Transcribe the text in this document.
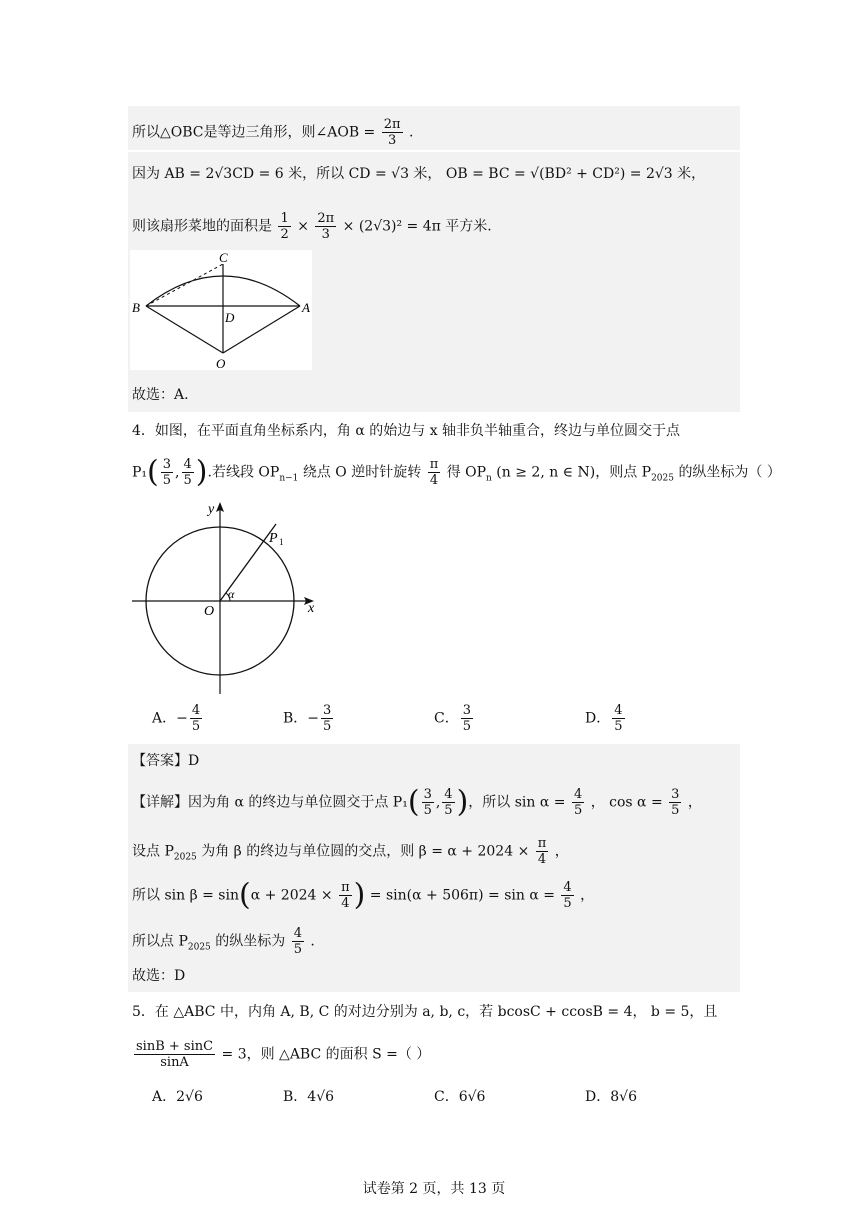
所以△OBC是等边三角形，则∠AOB = $\frac{2\pi}{3}$ .
因为 AB = 2√3CD = 6 米，所以 CD = √3 米， OB = BC = √(BD² + CD²) = 2√3 米，
则该扇形菜地的面积是 $\frac{1}{2} \times \frac{2\pi}{3} \times (2√3)^2 = 4\pi$ 平方米.
C
B
D
A
O
故选：A.
4．如图，在平面直角坐标系内，角 α 的始边与 x 轴非负半轴重合，终边与单位圆交于点
$P_1( \frac{3}{5}$ , $\frac{4}{5}$ ).若线段 $OP_{n-1}$ 绕点 O 逆时针旋转 $\frac{\pi}{4}$ 得 $OP_n$ (n ≥ 2, n ∈ N)，则点 $P_{2025}$ 的纵坐标为（ ）
y
x
O
α
P 1
A．− $\frac{4}{5}$	B．− $\frac{3}{5}$	C． $\frac{3}{5}$	D． $\frac{4}{5}$
【答案】D
【详解】因为角 α 的终边与单位圆交于点 $P_1( \frac{3}{5}$ , $\frac{4}{5}$ )，所以 $\sin \alpha = \frac{4}{5}$ ， $\cos \alpha = \frac{3}{5}$ ，
设点 $P_{2025}$ 为角 β 的终边与单位圆的交点，则 $\beta = \alpha + 2024 \times \frac{\pi}{4}$ ，
所以 $\sin \beta = \sin(\alpha + 2024 \times \frac{\pi}{4}$ ) = $\sin(\alpha + 506\pi) = \sin \alpha = \frac{4}{5}$ ，
所以点 $P_{2025}$ 的纵坐标为 $\frac{4}{5}$ .
故选：D
5．在 △ABC 中，内角 A, B, C 的对边分别为 a, b, c，若 bcosC + ccosB = 4， b = 5，且
$\frac{\sin B + \sin C}{\sin A} = 3$，则 △ABC 的面积 S =（ ）
A．2√6	B．4√6	C．6√6	D．8√6
试卷第 2 页，共 13 页
